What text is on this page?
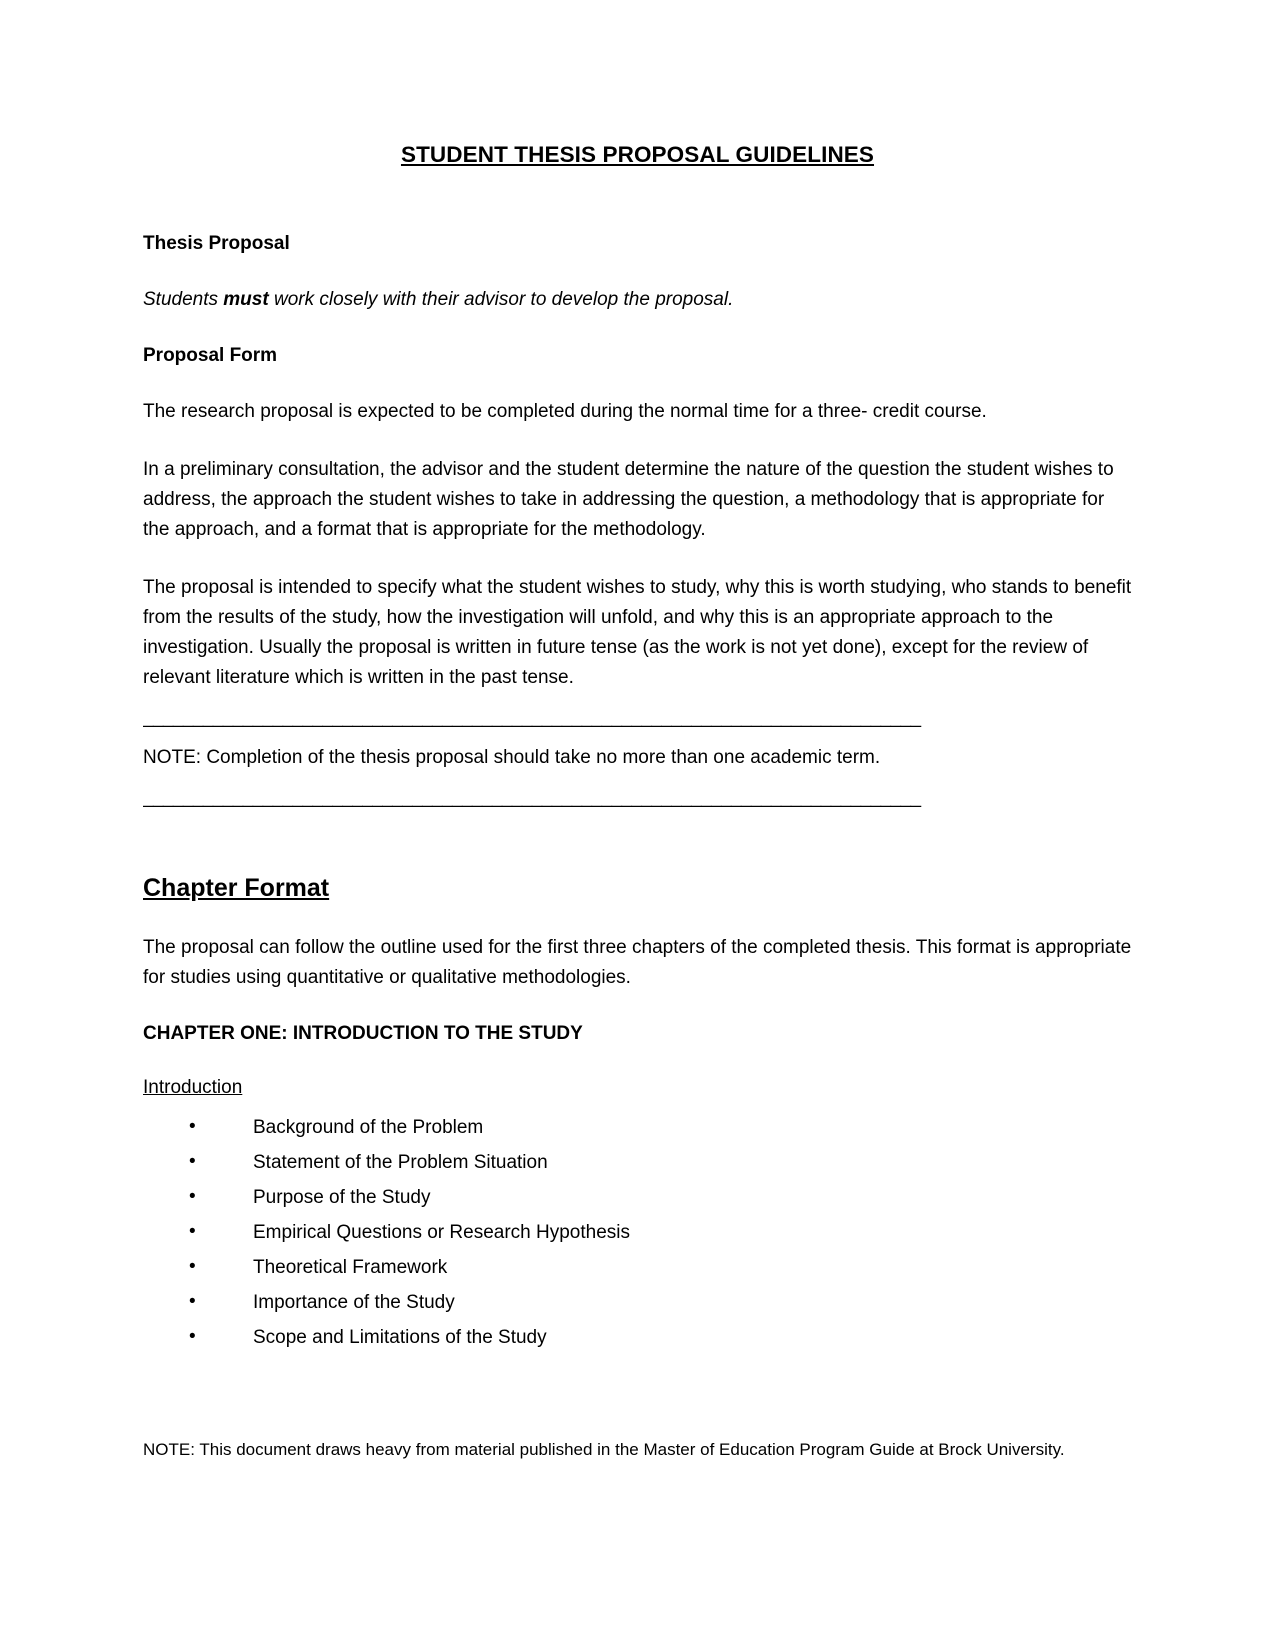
STUDENT THESIS PROPOSAL GUIDELINES
Thesis Proposal

Students must work closely with their advisor to develop the proposal.

Proposal Form

The research proposal is expected to be completed during the normal time for a three- credit course.

In a preliminary consultation, the advisor and the student determine the nature of the question the student wishes to address, the approach the student wishes to take in addressing the question, a methodology that is appropriate for the approach, and a format that is appropriate for the methodology.

The proposal is intended to specify what the student wishes to study, why this is worth studying, who stands to benefit from the results of the study, how the investigation will unfold, and why this is an appropriate approach to the investigation. Usually the proposal is written in future tense (as the work is not yet done), except for the review of relevant literature which is written in the past tense.

______________________________________________________________________________

NOTE: Completion of the thesis proposal should take no more than one academic term.

______________________________________________________________________________

Chapter Format

The proposal can follow the outline used for the first three chapters of the completed thesis. This format is appropriate for studies using quantitative or qualitative methodologies.

CHAPTER ONE: INTRODUCTION TO THE STUDY
Introduction
•	Background of the Problem
•	Statement of the Problem Situation
•	Purpose of the Study
•	Empirical Questions or Research Hypothesis
•	Theoretical Framework
•	Importance of the Study
•	Scope and Limitations of the Study

NOTE: This document draws heavy from material published in the Master of Education Program Guide at Brock University.
